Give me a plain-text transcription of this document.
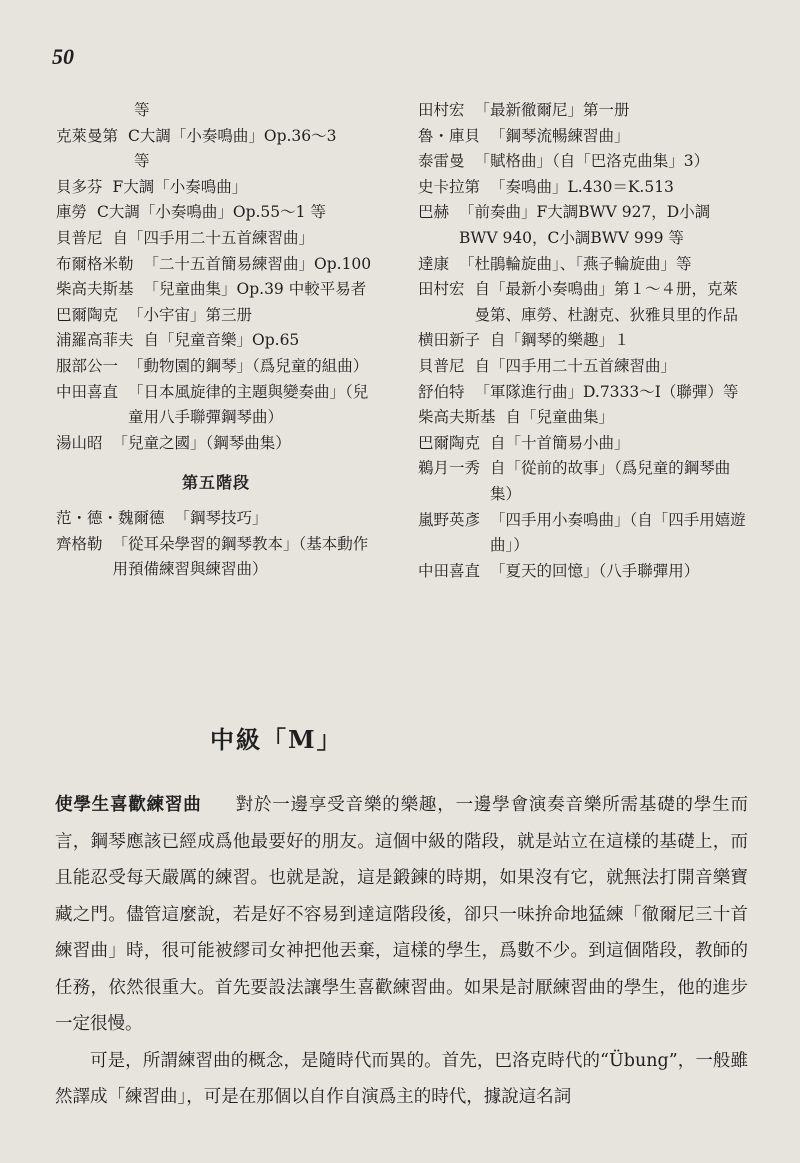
50
等
克萊曼第 C大調「小奏鳴曲」Op.36～3
等
貝多芬 F大調「小奏鳴曲」
庫勞 C大調「小奏鳴曲」Op.55～1 等
貝普尼 自「四手用二十五首練習曲」
布爾格米勒 「二十五首簡易練習曲」Op.100
柴高夫斯基 「兒童曲集」Op.39 中較平易者
巴爾陶克 「小宇宙」第三册
浦羅高菲夫 自「兒童音樂」Op.65
服部公一 「動物園的鋼琴」（爲兒童的組曲）
中田喜直 「日本風旋律的主題與變奏曲」（兒童用八手聯彈鋼琴曲）
湯山昭 「兒童之國」（鋼琴曲集）
第五階段
范・德・魏爾德 「鋼琴技巧」
齊格勒 「從耳朵學習的鋼琴教本」（基本動作用預備練習與練習曲）
田村宏 「最新徹爾尼」第一册
魯・庫貝 「鋼琴流暢練習曲」
泰雷曼 「賦格曲」（自「巴洛克曲集」3）
史卡拉第 「奏鳴曲」L.430＝K.513
巴赫 「前奏曲」F大調BWV 927，D小調BWV 940，C小調BWV 999 等
達康 「杜鵑輪旋曲」、「燕子輪旋曲」等
田村宏 自「最新小奏鳴曲」第１～４册，克萊曼第、庫勞、杜謝克、狄雅貝里的作品
横田新子 自「鋼琴的樂趣」１
貝普尼 自「四手用二十五首練習曲」
舒伯特 「軍隊進行曲」D.7333～I（聯彈）等
柴高夫斯基 自「兒童曲集」
巴爾陶克 自「十首簡易小曲」
鵜月一秀 自「從前的故事」（爲兒童的鋼琴曲集）
嵐野英彥 「四手用小奏鳴曲」（自「四手用嬉遊曲」）
中田喜直 「夏天的回憶」（八手聯彈用）
中級「M」

使學生喜歡練習曲 對於一邊享受音樂的樂趣，一邊學會演奏音樂所需基礎的學生而言，鋼琴應該已經成爲他最要好的朋友。這個中級的階段，就是站立在這樣的基礎上，而且能忍受每天嚴厲的練習。也就是說，這是鍛鍊的時期，如果沒有它，就無法打開音樂寶藏之門。儘管這麼說，若是好不容易到達這階段後，卻只一味拚命地猛練「徹爾尼三十首練習曲」時，很可能被繆司女神把他丟棄，這樣的學生，爲數不少。到這個階段，教師的任務，依然很重大。首先要設法讓學生喜歡練習曲。如果是討厭練習曲的學生，他的進步一定很慢。

可是，所謂練習曲的概念，是隨時代而異的。首先，巴洛克時代的“Übung”，一般雖然譯成「練習曲」，可是在那個以自作自演爲主的時代，據說這名詞
